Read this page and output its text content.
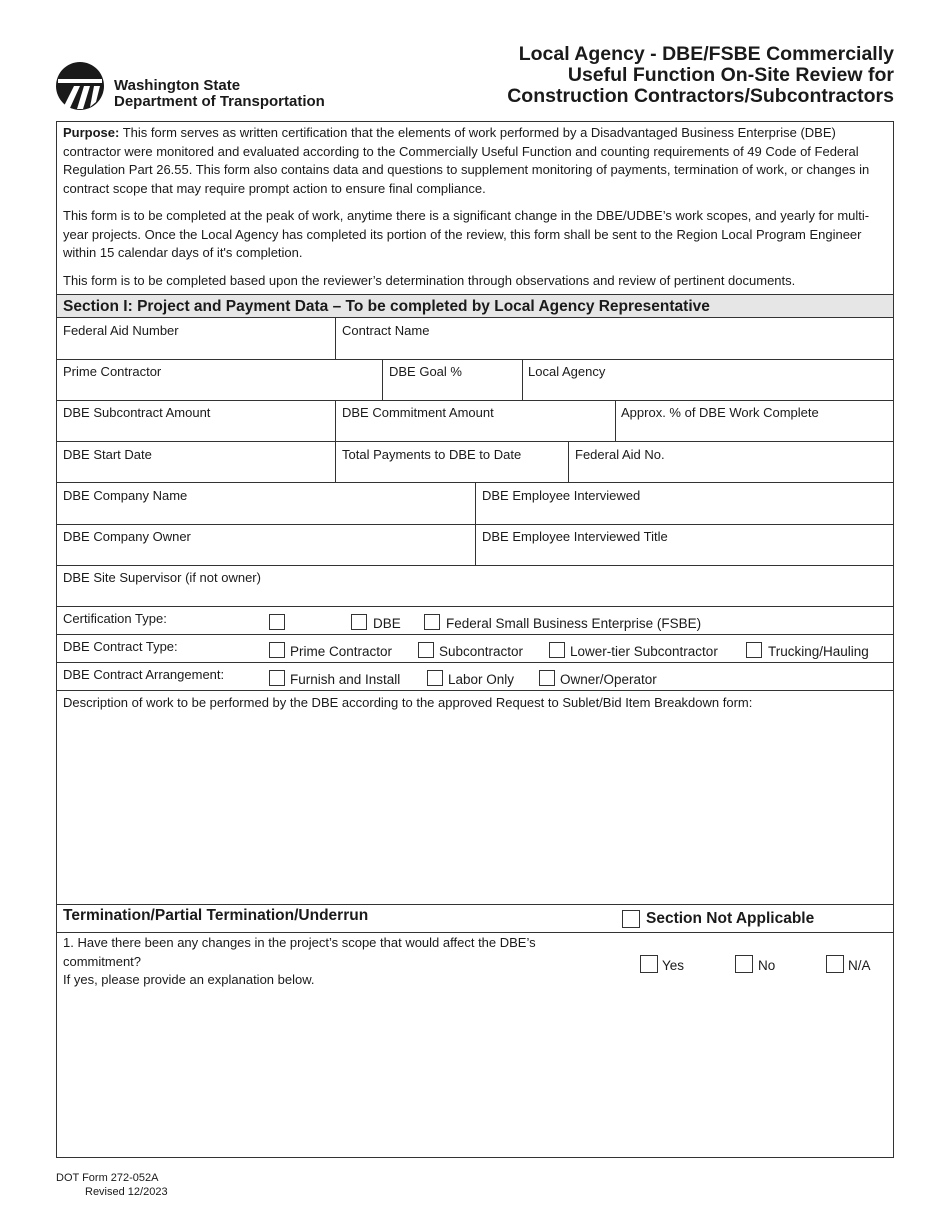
Washington State
Department of Transportation
Local Agency - DBE/FSBE Commercially
Useful Function On-Site Review for
Construction Contractors/Subcontractors
Purpose: This form serves as written certification that the elements of work performed by a Disadvantaged Business Enterprise (DBE) contractor were monitored and evaluated according to the Commercially Useful Function and counting requirements of 49 Code of Federal Regulation Part 26.55. This form also contains data and questions to supplement monitoring of payments, termination of work, or changes in contract scope that may require prompt action to ensure final compliance.
This form is to be completed at the peak of work, anytime there is a significant change in the DBE/UDBE’s work scopes, and yearly for multi-year projects. Once the Local Agency has completed its portion of the review, this form shall be sent to the Region Local Program Engineer within 15 calendar days of it's completion.
This form is to be completed based upon the reviewer’s determination through observations and review of pertinent documents.
Section I: Project and Payment Data – To be completed by Local Agency Representative
Federal Aid Number	Contract Name
Prime Contractor	DBE Goal %	Local Agency
DBE Subcontract Amount	DBE Commitment Amount	Approx. % of DBE Work Complete
DBE Start Date	Total Payments to DBE to Date	Federal Aid No.
DBE Company Name	DBE Employee Interviewed
DBE Company Owner	DBE Employee Interviewed Title
DBE Site Supervisor (if not owner)
Certification Type:	DBE	Federal Small Business Enterprise (FSBE)
DBE Contract Type:	Prime Contractor	Subcontractor	Lower-tier Subcontractor	Trucking/Hauling
DBE Contract Arrangement:	Furnish and Install	Labor Only	Owner/Operator
Description of work to be performed by the DBE according to the approved Request to Sublet/Bid Item Breakdown form:
Termination/Partial Termination/Underrun	Section Not Applicable
1. Have there been any changes in the project’s scope that would affect the DBE’s
commitment?
If yes, please provide an explanation below.
Yes	No	N/A
DOT Form 272-052A
Revised 12/2023
